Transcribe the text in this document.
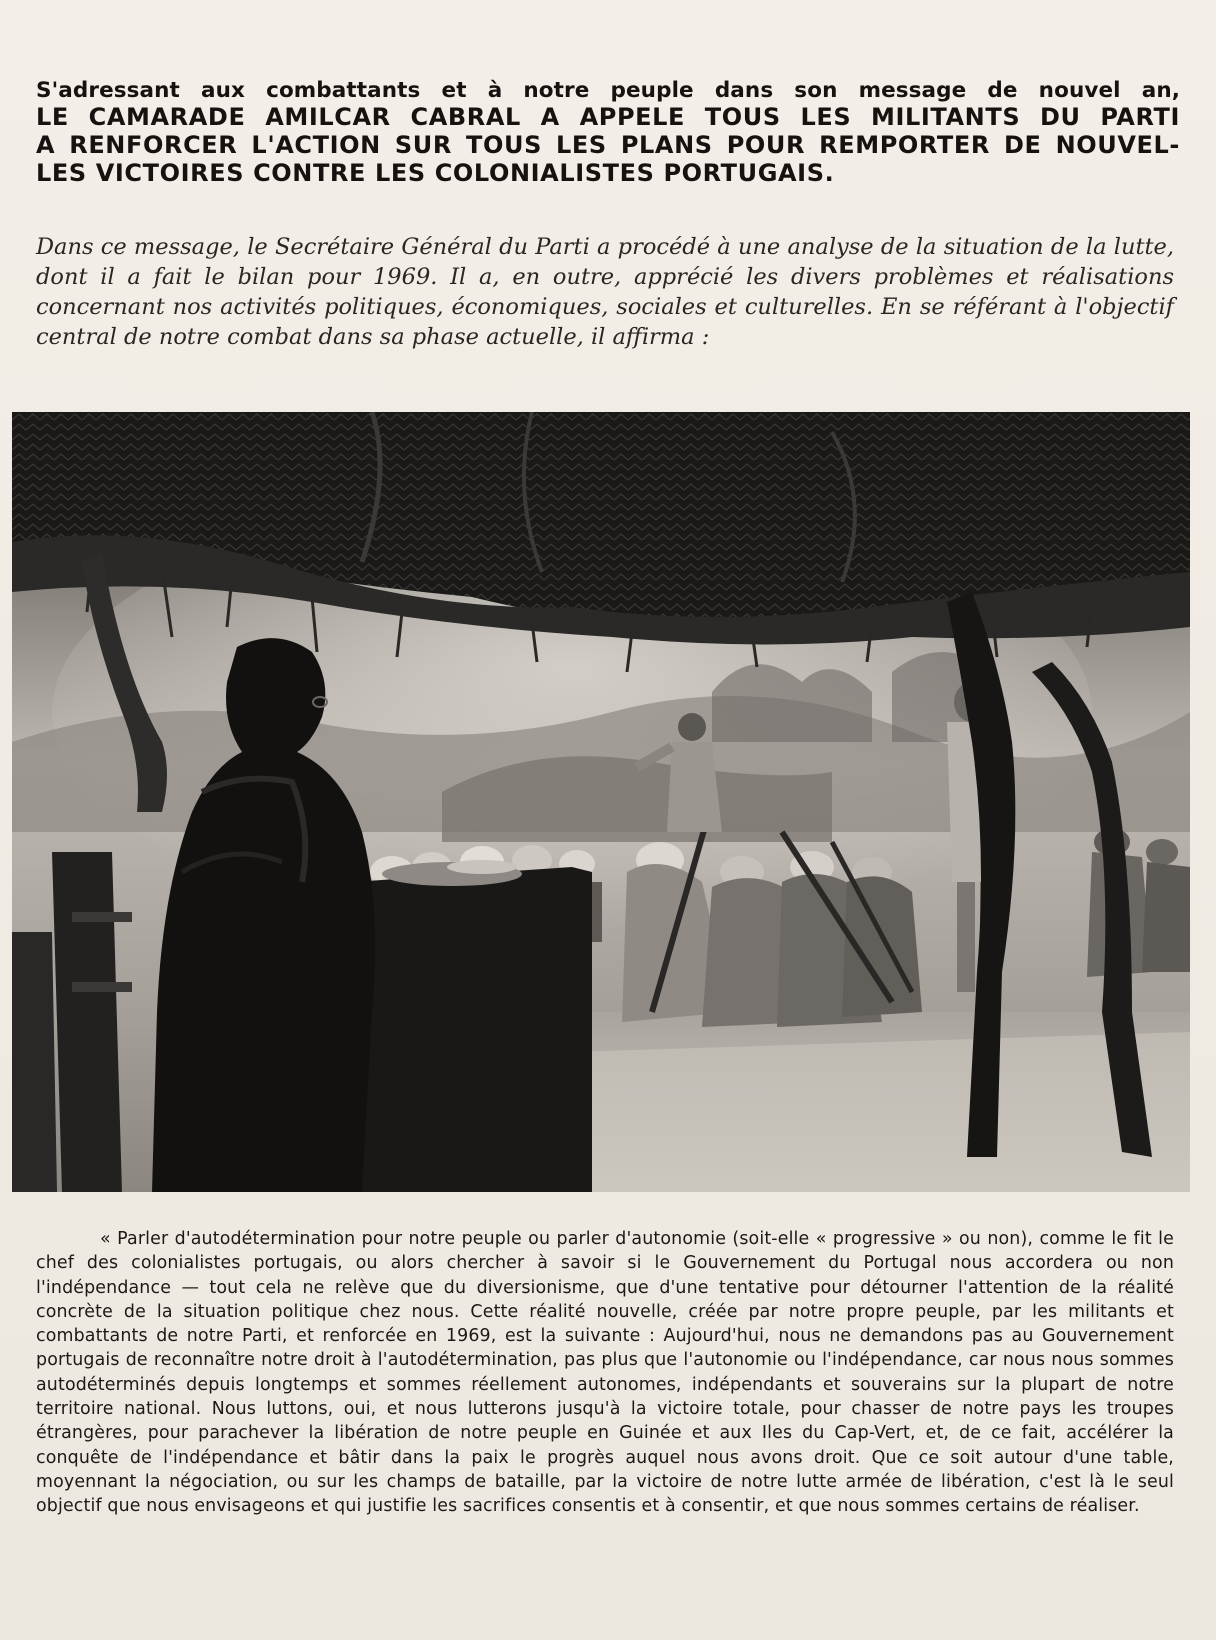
S'adressant aux combattants et à notre peuple dans son message de nouvel an,
LE CAMARADE AMILCAR CABRAL A APPELE TOUS LES MILITANTS DU PARTI
A RENFORCER L'ACTION SUR TOUS LES PLANS POUR REMPORTER DE NOUVEL-
LES VICTOIRES CONTRE LES COLONIALISTES PORTUGAIS.
Dans ce message, le Secrétaire Général du Parti a procédé à une analyse de la situation de la lutte, dont il a fait le bilan pour 1969. Il a, en outre, apprécié les divers problèmes et réalisations concernant nos activités politiques, économiques, sociales et culturelles. En se référant à l'objectif central de notre combat dans sa phase actuelle, il affirma :
« Parler d'autodétermination pour notre peuple ou parler d'autonomie (soit-elle « progressive » ou non), comme le fit le chef des colonialistes portugais, ou alors chercher à savoir si le Gouvernement du Portugal nous accordera ou non l'indépendance — tout cela ne relève que du diversionisme, que d'une tentative pour détourner l'attention de la réalité concrète de la situation politique chez nous. Cette réalité nouvelle, créée par notre propre peuple, par les militants et combattants de notre Parti, et renforcée en 1969, est la suivante : Aujourd'hui, nous ne demandons pas au Gouvernement portugais de reconnaître notre droit à l'autodétermination, pas plus que l'autonomie ou l'indépendance, car nous nous sommes autodéterminés depuis longtemps et sommes réellement autonomes, indépendants et souverains sur la plupart de notre territoire national. Nous luttons, oui, et nous lutterons jusqu'à la victoire totale, pour chasser de notre pays les troupes étrangères, pour parachever la libération de notre peuple en Guinée et aux Iles du Cap-Vert, et, de ce fait, accélérer la conquête de l'indépendance et bâtir dans la paix le progrès auquel nous avons droit. Que ce soit autour d'une table, moyennant la négociation, ou sur les champs de bataille, par la victoire de notre lutte armée de libération, c'est là le seul objectif que nous envisageons et qui justifie les sacrifices consentis et à consentir, et que nous sommes certains de réaliser.
